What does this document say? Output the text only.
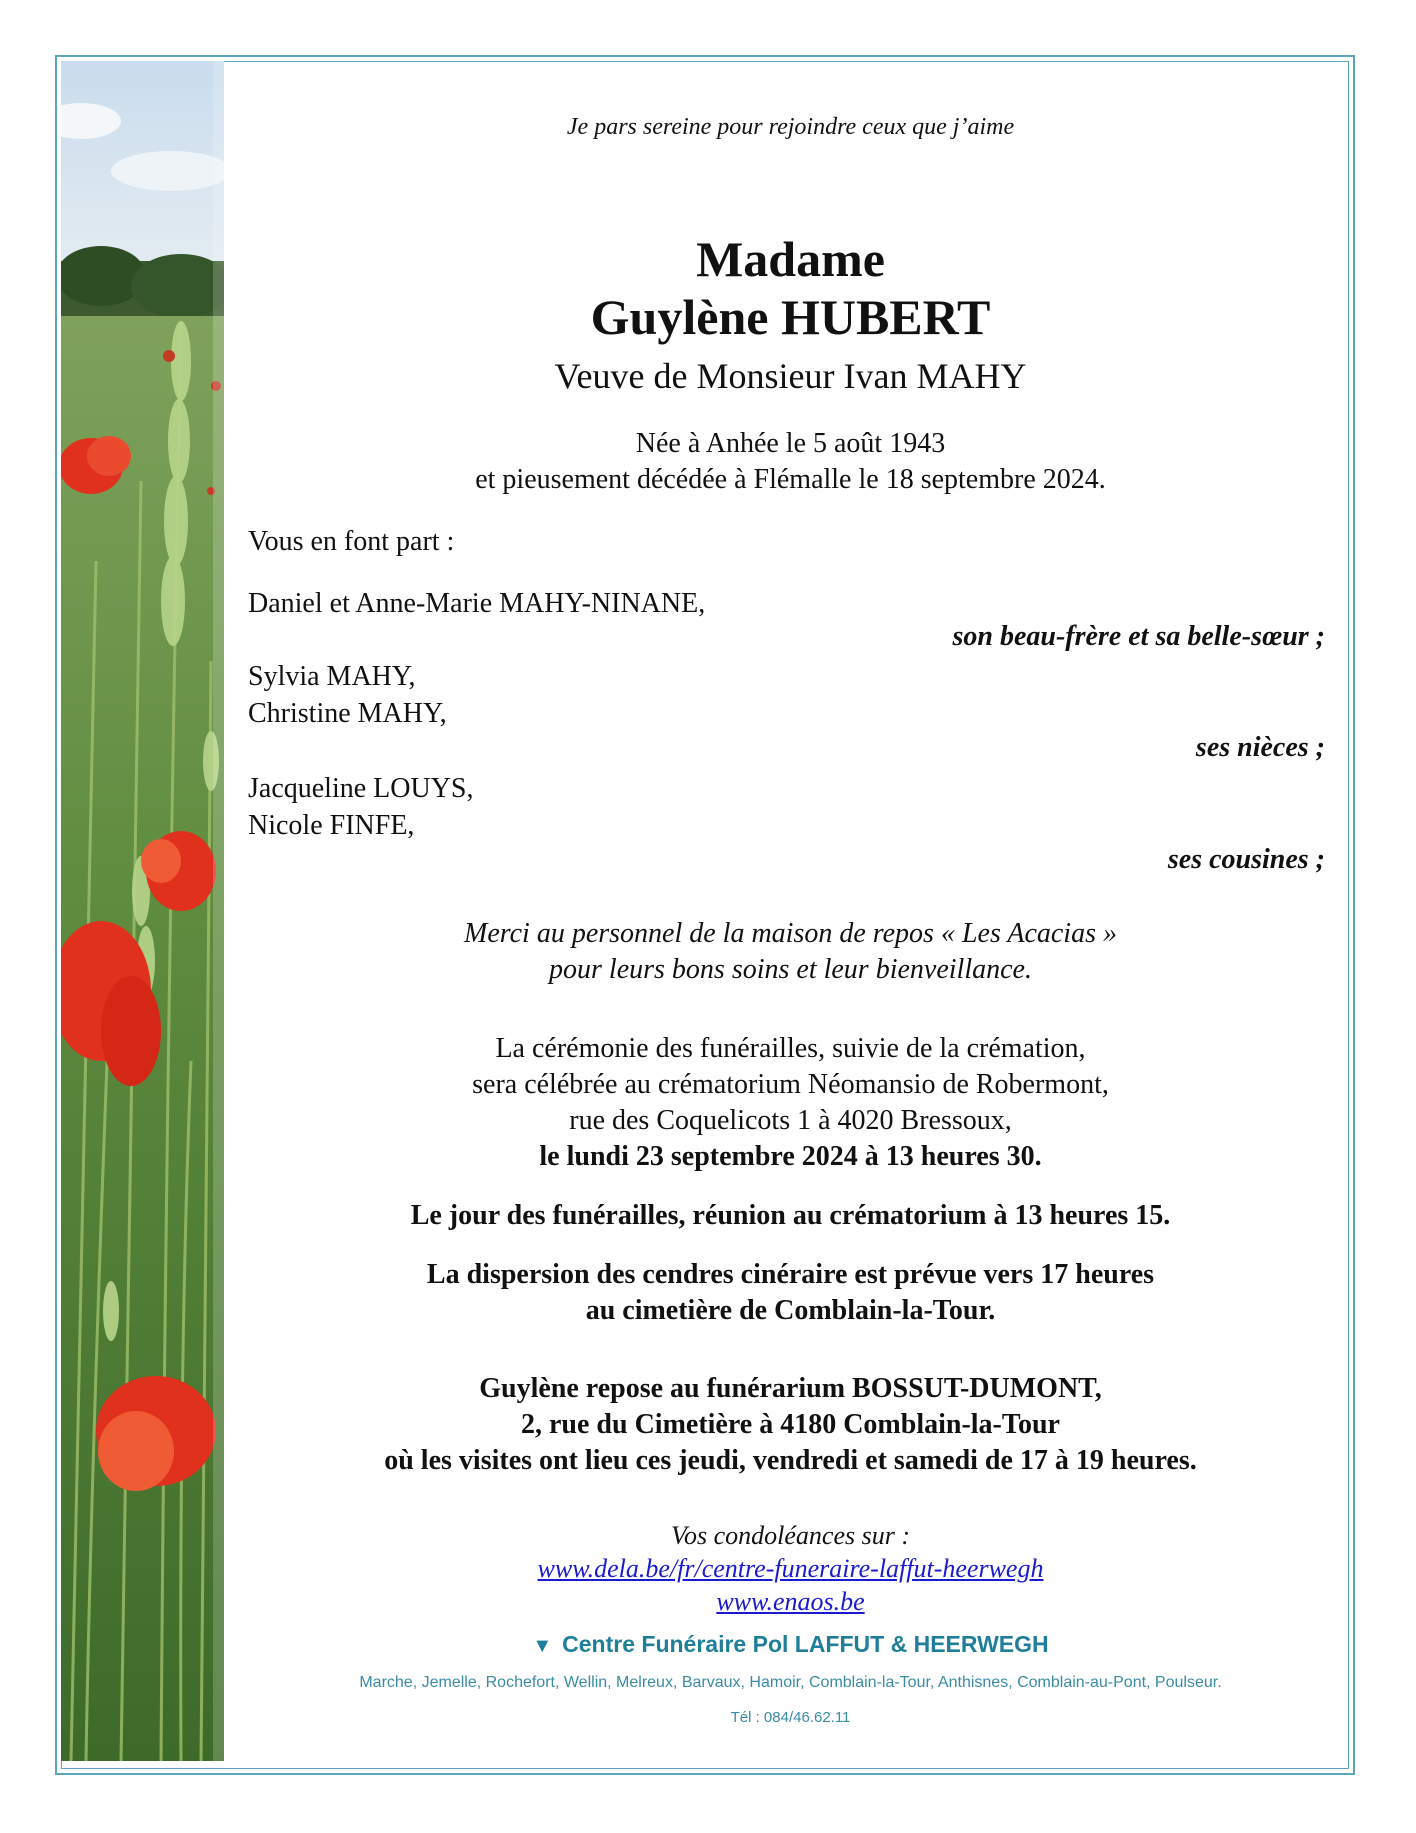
Je pars sereine pour rejoindre ceux que j’aime
Madame
Guylène HUBERT
Veuve de Monsieur Ivan MAHY
Née à Anhée le 5 août 1943
et pieusement décédée à Flémalle le 18 septembre 2024.
Vous en font part :
Daniel et Anne-Marie MAHY-NINANE,
son beau-frère et sa belle-sœur ;
Sylvia MAHY,
Christine MAHY,
ses nièces ;
Jacqueline LOUYS,
Nicole FINFE,
ses cousines ;
Merci au personnel de la maison de repos « Les Acacias »
pour leurs bons soins et leur bienveillance.
La cérémonie des funérailles, suivie de la crémation,
sera célébrée au crématorium Néomansio de Robermont,
rue des Coquelicots 1 à 4020 Bressoux,
le lundi 23 septembre 2024 à 13 heures 30.
Le jour des funérailles, réunion au crématorium à 13 heures 15.
La dispersion des cendres cinéraire est prévue vers 17 heures
au cimetière de Comblain-la-Tour.
Guylène repose au funérarium BOSSUT-DUMONT,
2, rue du Cimetière à 4180 Comblain-la-Tour
où les visites ont lieu ces jeudi, vendredi et samedi de 17 à 19 heures.
Vos condoléances sur :
www.dela.be/fr/centre-funeraire-laffut-heerwegh
www.enaos.be
▼ Centre Funéraire Pol LAFFUT & HEERWEGH
Marche, Jemelle, Rochefort, Wellin, Melreux, Barvaux, Hamoir, Comblain-la-Tour, Anthisnes, Comblain-au-Pont, Poulseur.
Tél : 084/46.62.11
